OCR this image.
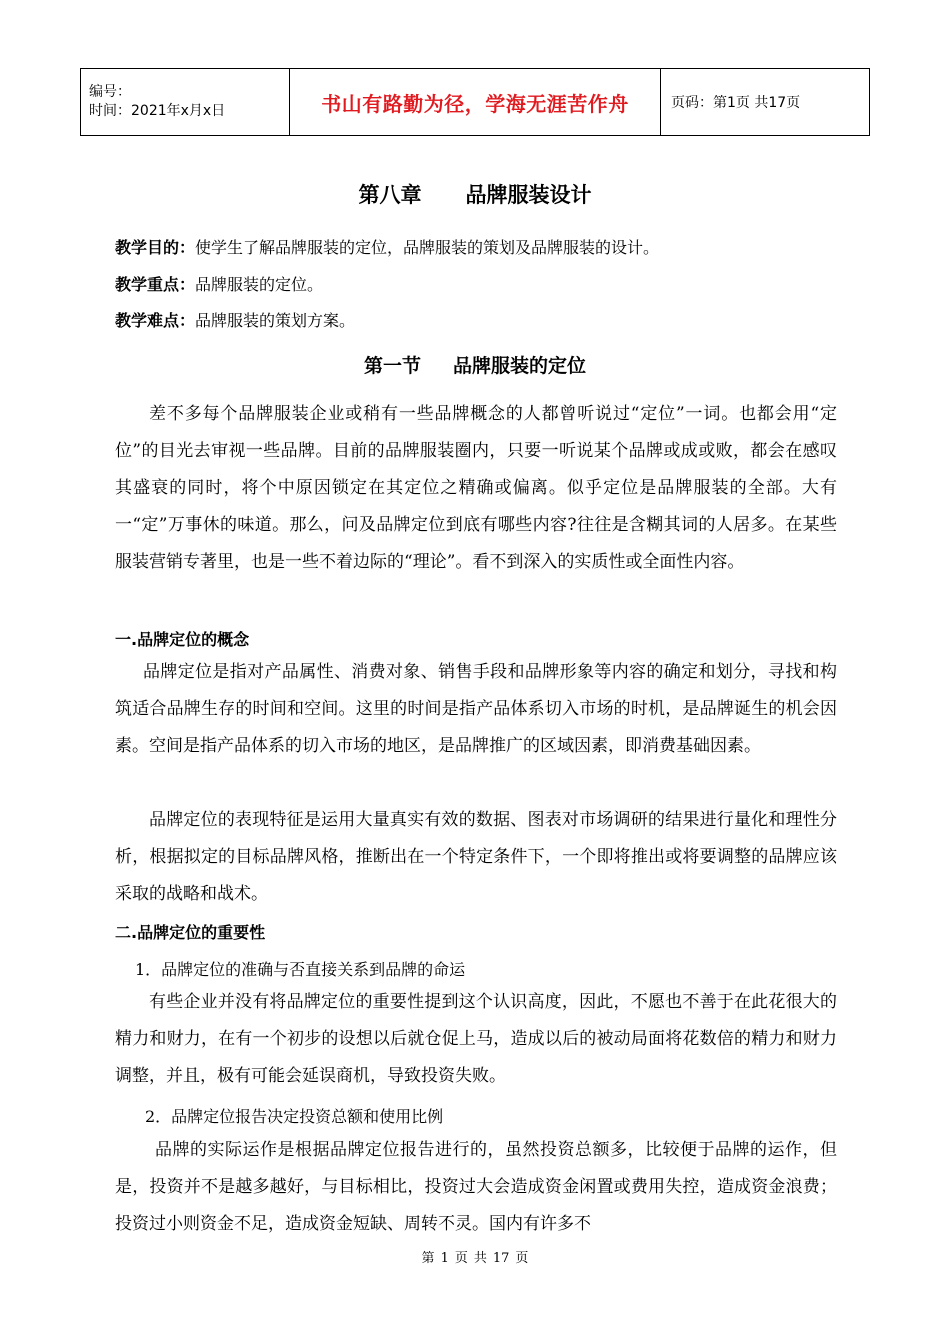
编号：
时间：2021年x月x日	书山有路勤为径，学海无涯苦作舟	页码：第1页 共17页
第八章 品牌服装设计
教学目的：使学生了解品牌服装的定位，品牌服装的策划及品牌服装的设计。
教学重点：品牌服装的定位。
教学难点：品牌服装的策划方案。
第一节 品牌服装的定位

差不多每个品牌服装企业或稍有一些品牌概念的人都曾听说过“定位”一词。也都会用“定位”的目光去审视一些品牌。目前的品牌服装圈内，只要一听说某个品牌或成或败，都会在感叹其盛衰的同时，将个中原因锁定在其定位之精确或偏离。似乎定位是品牌服装的全部。大有一“定”万事休的味道。那么，问及品牌定位到底有哪些内容?往往是含糊其词的人居多。在某些服装营销专著里，也是一些不着边际的“理论”。看不到深入的实质性或全面性内容。

一.品牌定位的概念

品牌定位是指对产品属性、消费对象、销售手段和品牌形象等内容的确定和划分，寻找和构筑适合品牌生存的时间和空间。这里的时间是指产品体系切入市场的时机，是品牌诞生的机会因素。空间是指产品体系的切入市场的地区，是品牌推广的区域因素，即消费基础因素。

品牌定位的表现特征是运用大量真实有效的数据、图表对市场调研的结果进行量化和理性分析，根据拟定的目标品牌风格，推断出在一个特定条件下，一个即将推出或将要调整的品牌应该采取的战略和战术。

二.品牌定位的重要性
1．品牌定位的准确与否直接关系到品牌的命运

有些企业并没有将品牌定位的重要性提到这个认识高度，因此，不愿也不善于在此花很大的精力和财力，在有一个初步的设想以后就仓促上马，造成以后的被动局面将花数倍的精力和财力调整，并且，极有可能会延误商机，导致投资失败。

2．品牌定位报告决定投资总额和使用比例

品牌的实际运作是根据品牌定位报告进行的，虽然投资总额多，比较便于品牌的运作，但是，投资并不是越多越好，与目标相比，投资过大会造成资金闲置或费用失控，造成资金浪费；投资过小则资金不足，造成资金短缺、周转不灵。国内有许多不

第 1 页 共 17 页
